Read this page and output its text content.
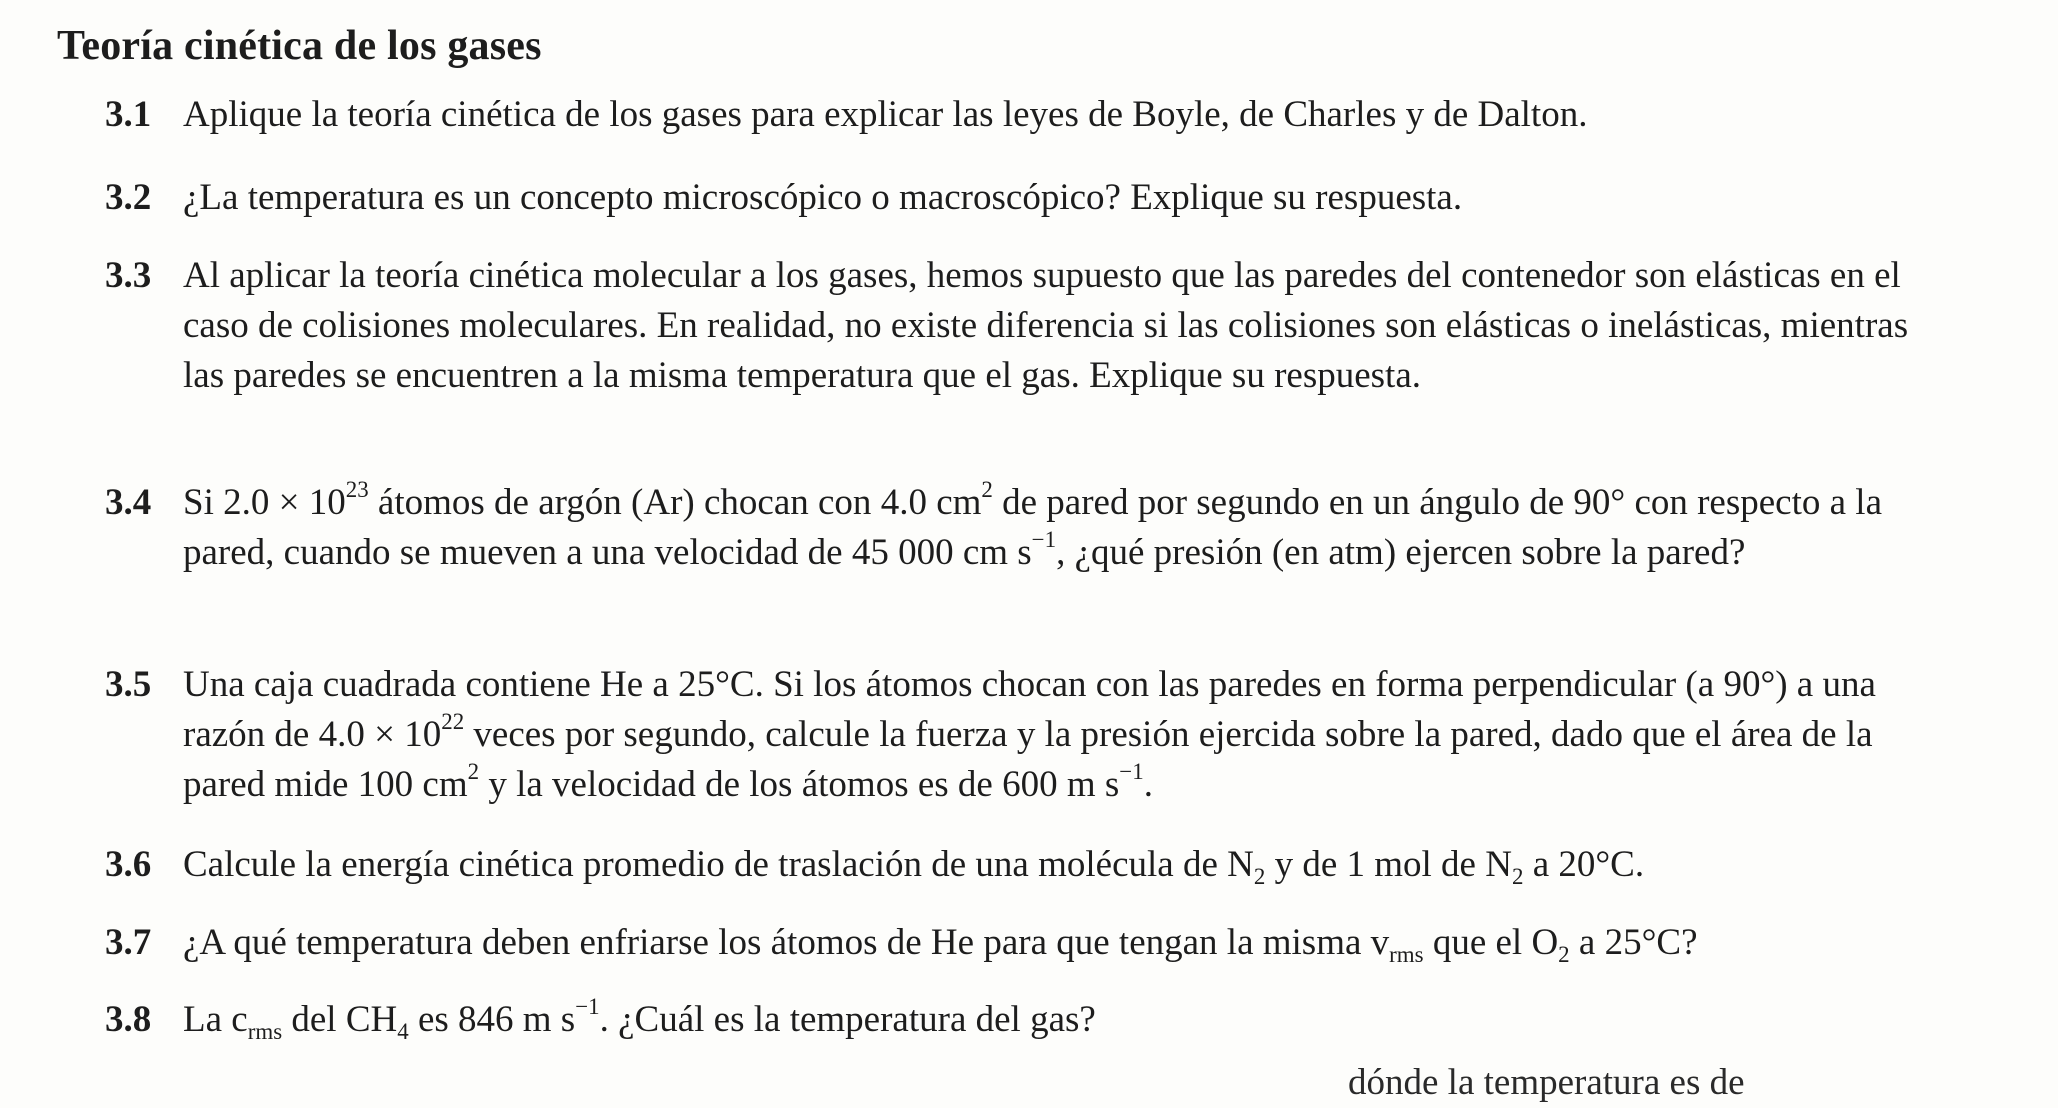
Teoría cinética de los gases
3.1 Aplique la teoría cinética de los gases para explicar las leyes de Boyle, de Charles y de Dalton.
3.2 ¿La temperatura es un concepto microscópico o macroscópico? Explique su respuesta.
3.3 Al aplicar la teoría cinética molecular a los gases, hemos supuesto que las paredes del contenedor son elásticas en el caso de colisiones moleculares. En realidad, no existe diferencia si las colisiones son elásticas o inelásticas, mientras las paredes se encuentren a la misma temperatura que el gas. Explique su respuesta.
3.4 Si $2.0 \times 10^{23}$ átomos de argón (Ar) chocan con 4.0 $cm^2$ de pared por segundo en un ángulo de 90° con respecto a la pared, cuando se mueven a una velocidad de 45 000 cm $s^{-1}$, ¿qué presión (en atm) ejercen sobre la pared?
3.5 Una caja cuadrada contiene He a 25°C. Si los átomos chocan con las paredes en forma perpendicular (a 90°) a una razón de $4.0 \times 10^{22}$ veces por segundo, calcule la fuerza y la presión ejercida sobre la pared, dado que el área de la pared mide 100 $cm^2$ y la velocidad de los átomos es de 600 m $s^{-1}$.
3.6 Calcule la energía cinética promedio de traslación de una molécula de $N_2$ y de 1 mol de $N_2$ a 20°C.
3.7 ¿A qué temperatura deben enfriarse los átomos de He para que tengan la misma $v_{rms}$ que el $O_2$ a 25°C?
3.8 La $c_{rms}$ del $CH_4$ es 846 m $s^{-1}$. ¿Cuál es la temperatura del gas?
dónde la temperatura es de
